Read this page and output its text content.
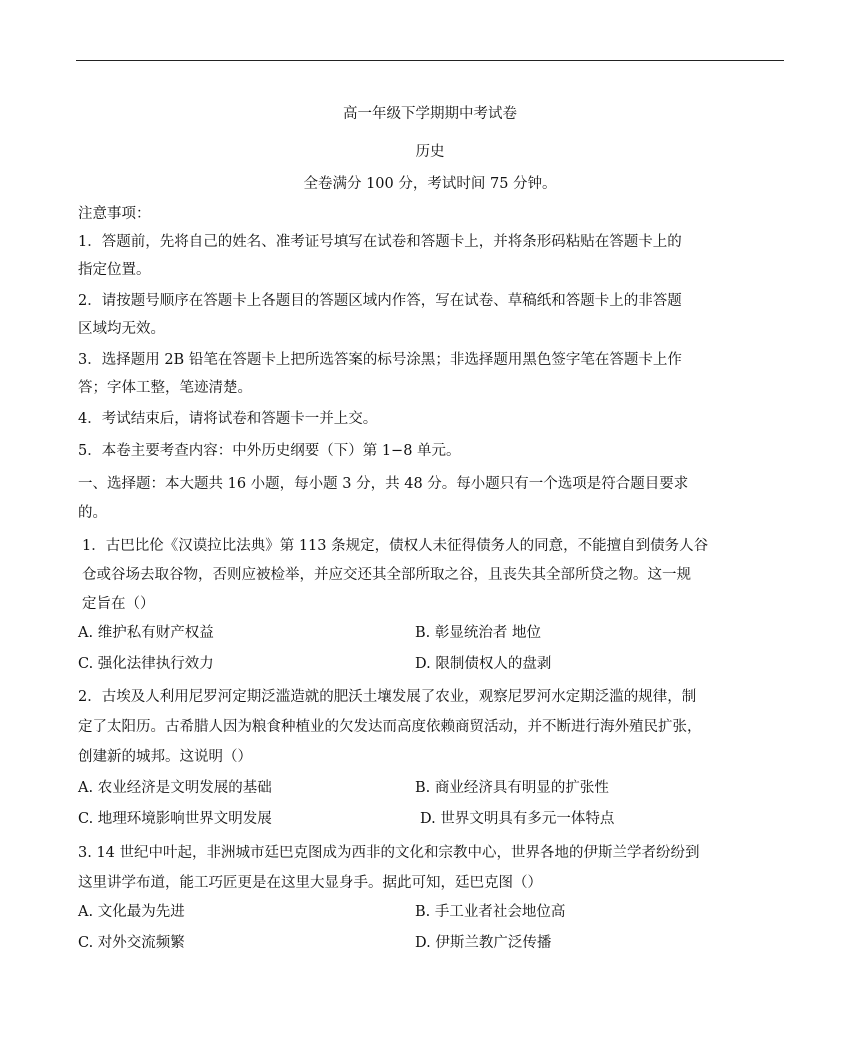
高一年级下学期期中考试卷
历史
全卷满分 100 分，考试时间 75 分钟。
注意事项：
1．答题前，先将自己的姓名、准考证号填写在试卷和答题卡上，并将条形码粘贴在答题卡上的
指定位置。
2．请按题号顺序在答题卡上各题目的答题区域内作答，写在试卷、草稿纸和答题卡上的非答题
区域均无效。
3．选择题用 2B 铅笔在答题卡上把所选答案的标号涂黑；非选择题用黑色签字笔在答题卡上作
答；字体工整，笔迹清楚。
4．考试结束后，请将试卷和答题卡一并上交。
5．本卷主要考查内容：中外历史纲要（下）第 1−8 单元。
一、选择题：本大题共 16 小题，每小题 3 分，共 48 分。每小题只有一个选项是符合题目要求
的。
1．古巴比伦《汉谟拉比法典》第 113 条规定，债权人未征得债务人的同意，不能擅自到债务人谷
仓或谷场去取谷物，否则应被检举，并应交还其全部所取之谷，且丧失其全部所贷之物。这一规
定旨在（）
A. 维护私有财产权益	B. 彰显统治者 地位
C. 强化法律执行效力	D. 限制债权人的盘剥
2．古埃及人利用尼罗河定期泛滥造就的肥沃土壤发展了农业，观察尼罗河水定期泛滥的规律，制
定了太阳历。古希腊人因为粮食种植业的欠发达而高度依赖商贸活动，并不断进行海外殖民扩张，
创建新的城邦。这说明（）
A. 农业经济是文明发展的基础	B. 商业经济具有明显的扩张性
C. 地理环境影响世界文明发展	D. 世界文明具有多元一体特点
3. 14 世纪中叶起，非洲城市廷巴克图成为西非的文化和宗教中心，世界各地的伊斯兰学者纷纷到
这里讲学布道，能工巧匠更是在这里大显身手。据此可知，廷巴克图（）
A. 文化最为先进	B. 手工业者社会地位高
C. 对外交流频繁	D. 伊斯兰教广泛传播
